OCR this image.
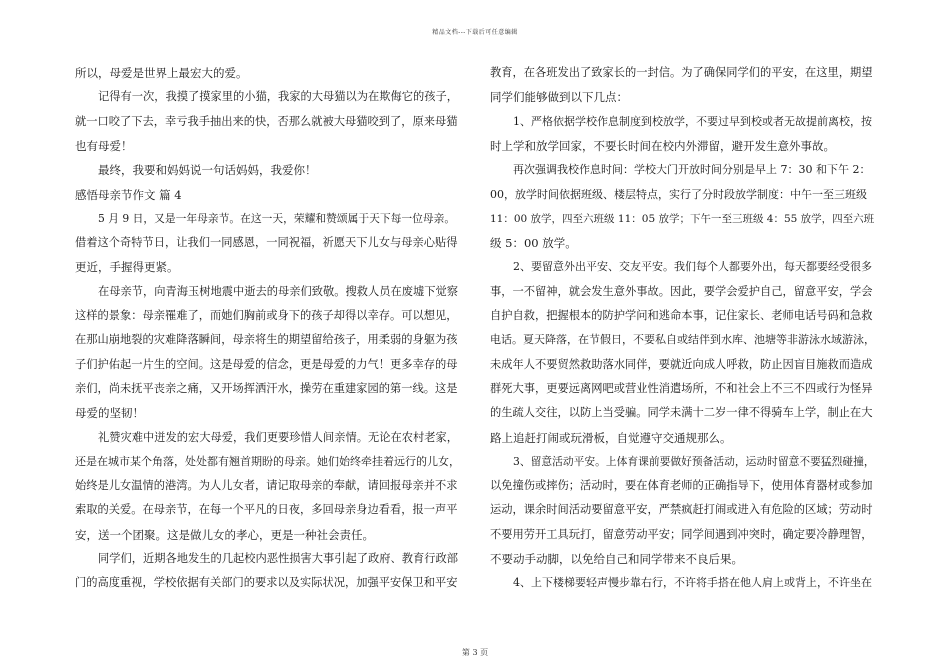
精品文档---下载后可任意编辑
所以，母爱是世界上最宏大的爱。
记得有一次，我摸了摸家里的小猫，我家的大母猫以为在欺侮它的孩子，
就一口咬了下去，幸亏我手抽出来的快，否那么就被大母猫咬到了，原来母猫
也有母爱！
最终，我要和妈妈说一句话妈妈，我爱你！
感悟母亲节作文 篇 4
5 月 9 日，又是一年母亲节。在这一天，荣耀和赞颂属于天下每一位母亲。
借着这个奇特节日，让我们一同感恩，一同祝福，祈愿天下儿女与母亲心贴得
更近，手握得更紧。
在母亲节，向青海玉树地震中逝去的母亲们致敬。搜救人员在废墟下觉察
这样的景象：母亲罹难了，而她们胸前或身下的孩子却得以幸存。可以想见，
在那山崩地裂的灾难降落瞬间，母亲将生的期望留给孩子，用柔弱的身躯为孩
子们护佑起一片生的空间。这是母爱的信念，更是母爱的力气！更多幸存的母
亲们，尚未抚平丧亲之痛，又开场挥洒汗水，操劳在重建家园的第一线。这是
母爱的坚韧！
礼赞灾难中迸发的宏大母爱，我们更要珍惜人间亲情。无论在农村老家，
还是在城市某个角落，处处都有翘首期盼的母亲。她们始终牵挂着远行的儿女，
始终是儿女温情的港湾。为人儿女者，请记取母亲的奉献，请回报母亲并不求
索取的关爱。在母亲节，在每一个平凡的日夜，多回母亲身边看看，报一声平
安，送一个团聚。这是做儿女的孝心，更是一种社会责任。
同学们，近期各地发生的几起校内恶性损害大事引起了政府、教育行政部
门的高度重视，学校依据有关部门的要求以及实际状况，加强平安保卫和平安
教育，在各班发出了致家长的一封信。为了确保同学们的平安，在这里，期望
同学们能够做到以下几点：
1、严格依据学校作息制度到校放学，不要过早到校或者无故提前离校，按
时上学和放学回家，不要长时间在校内外滞留，避开发生意外事故。
再次强调我校作息时间：学校大门开放时间分别是早上 7：30 和下午 2：
00，放学时间依据班级、楼层特点，实行了分时段放学制度：中午一至三班级
11：00 放学，四至六班级 11：05 放学；下午一至三班级 4：55 放学，四至六班
级 5：00 放学。
2、要留意外出平安、交友平安。我们每个人都要外出，每天都要经受很多
事，一不留神，就会发生意外事故。因此，要学会爱护自己，留意平安，学会
自护自救，把握根本的防护学问和逃命本事，记住家长、老师电话号码和急救
电话。夏天降落，在节假日，不要私自或结伴到水库、池塘等非游泳水域游泳，
未成年人不要贸然救助落水同伴，要就近向成人呼救，防止因盲目施救而造成
群死大事，更要远离网吧或营业性消遣场所，不和社会上不三不四或行为怪异
的生疏人交往，以防上当受骗。同学未满十二岁一律不得骑车上学，制止在大
路上追赶打闹或玩滑板，自觉遵守交通规那么。
3、留意活动平安。上体育课前要做好预备活动，运动时留意不要猛烈碰撞，
以免撞伤或摔伤；活动时，要在体育老师的正确指导下，使用体育器材或参加
运动，课余时间活动要留意平安，严禁疯赶打闹或进入有危险的区域；劳动时
不要用劳开工具玩打，留意劳动平安；同学间遇到冲突时，确定要冷静理智，
不要动手动脚，以免给自己和同学带来不良后果。
4、上下楼梯要轻声慢步靠右行，不许将手搭在他人肩上或背上，不许坐在
第 3 页
